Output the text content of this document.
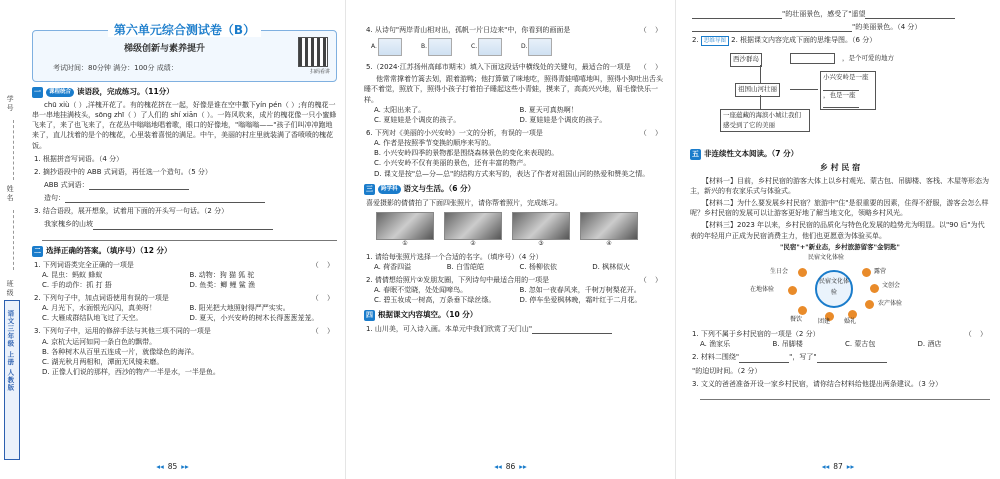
学号
姓名
班级
语文三年级 上册 人教版
第六单元综合测试卷（B）
梯级创新与素养提升
考试时间：80分钟 满分：100分 成绩：	扫码看讲
一	课程统合 读语段，完成练习。（11分）
chū xiù（ ）,洋槐开花了。有的槐花挤在一起，好像是谁在空中撒下yín pén（ ）;有的槐花一串一串地挂满枝头，sōng zhī（ ）了人们的 shí xiān（ ）。一阵风吹来，成片的槐花像一只小蜜蜂飞来了，来了也飞来了，在花丛中嗡嗡地唱着歌，眼口的好像地，"嗡嗡嗡——"孩子们叫冲冲跑地来了，直儿找着的是个的槐花，心里装着喜悦的满足。中午，美丽的村庄里就装满了香喷喷的槐花饭。
1. 根据拼音写词语。（4 分）
2. 摘抄语段中的 ABB 式词语，再任选一个造句。（5 分）
ABB 式词语：
造句：
3. 结合语段，展开想象，试着用下面的开头写一句话。（2 分）
我家槐乡的山坡
二 选择正确的答案。（填序号）（12 分）
1. 下列词语类完全正确的一项是	（ ）
A. 昆虫：蚂蚁 蜂蚁	B. 动物：狗 猫 狐 驼
C. 手的动作：抓 打 捂	D. 鱼类：鲫 鲤 鲨 渔
2. 下列句子中，加点词语使用有误的一项是	（ ）
A. 月光下，水面银光闪闪，真美呀！	B. 阳光把大地照射得严严实实。
C. 大雁成群结队地飞过了天空。	D. 夏天，小兴安岭的树木长得葱葱茏茏。
3. 下列句子中，运用的修辞手法与其他三项不同的一项是	（ ）
A. 京杭大运河如同一条白色的飘带。
B. 各种树木从百里五连成一片，就像绿色的海洋。
C. 湖光秋月两相和，潭面无风镜未磨。
D. 正像人们说的那样，西沙的物产一半是水，一半是鱼。
◂◂ 85 ▸▸
4. 从诗句"两岸青山相对出，孤帆一片日边来"中，你看到的画面是	（ ）
A.	B.	C.	D.
5.（2024·江苏扬州高邮市期末）填入下面这段话中横线处的关键句，最适合的一项是 （ ）
他常常撑着竹篙去划，跟着游鸭；他打算做了咪地吃，照得青蛙嘻嘻地叫，照得小狗吐出舌头睡不着觉，照放下，照得小孩子打着拍子睡起这些小青蛙，摸来了，高高兴兴地，眉毛像快乐一样。
A. 太阳出来了。	B. 夏天可真热啊！
C. 夏娃娃是个调皮的孩子。	D. 夏娃娃是个调皮的孩子。
6. 下列对《美丽的小兴安岭》一文的分析，有误的一项是	（ ）
A. 作者是按照季节变换的顺序来写的。
B. 小兴安岭四季的景物都是围绕森林景色的变化来表现的。
C. 小兴安岭不仅有美丽的景色，还有丰富的物产。
D. 课文是按"总—分—总"的结构方式来写的，表达了作者对祖国山河的热爱和赞美之情。
三	跨学科 语文与生活。（6 分）
喜爱摄影的倩倩拍了下面四张照片，请你帮着照片，完成练习。
①	②	③	④
1. 请给每张照片选择一个合适的名字。（填序号）（4 分）
A. 荷香四溢	B. 白雪皑皑	C. 杨柳依依	D. 枫林似火
2. 倩倩想给照片②发朋友圈，下列诗句中最适合用的一项是	（ ）
A. 春眠不觉晓，处处闻啼鸟。	B. 忽如一夜春风来，千树万树梨花开。
C. 碧玉妆成一树高，万条垂下绿丝绦。	D. 停车坐爱枫林晚，霜叶红于二月花。
四 根据课文内容填空。（10 分）
1. 山川美，可入诗入画。本单元中我们欣赏了天门山"
◂◂ 86 ▸▸
"的壮丽景色，感受了"遥望
"的美丽景色。（4 分）
2. 思维导图 2. 根据课文内容完成下面的思维导图。（6 分）
西沙群岛	，是个可爱的地方
祖国山河壮丽
小兴安岭是一座
，也是一座
一座蕴藏的海滨小城让我们感受到了它的美丽
五 非连续性文本阅读。（7 分）
乡 村 民 宿
【材料一】目前，乡村民宿的游客大体上以乡村观光、蒙古包、吊脚楼、客栈、木屋等形态为主，新兴的有农家乐式与体验式。
【材料二】为什么要发展乡村民宿？旅游中"住"是很重要的因素，住得不舒服，游客会怎么样呢？乡村民宿的发展可以让游客更好地了解当地文化，领略乡村风光。
【材料三】2023 年以来，乡村民宿的品质化与特色化发展的趋势尤为明显。以"90 后"为代表的年轻用户正成为民宿消费主力，他们也更愿意为体验买单。
"民宿"+"新业态，乡村旅游留客"金钥匙"
民宿文化体验
民宿文化体验
生日会	露营
在地体验
文创会
农产体验
餐饮	团建 婚礼
1. 下列不属于乡村民宿的一项是（2 分）	（ ）
A. 渔家乐	B. 吊脚楼	C. 蒙古包	D. 酒店
2. 材料二围绕"	"，写了"
"的迫切时间。（2 分）
3. 文义的爸爸准备开设一家乡村民宿，请你结合材料给他提出两条建议。（3 分）
◂◂ 87 ▸▸
